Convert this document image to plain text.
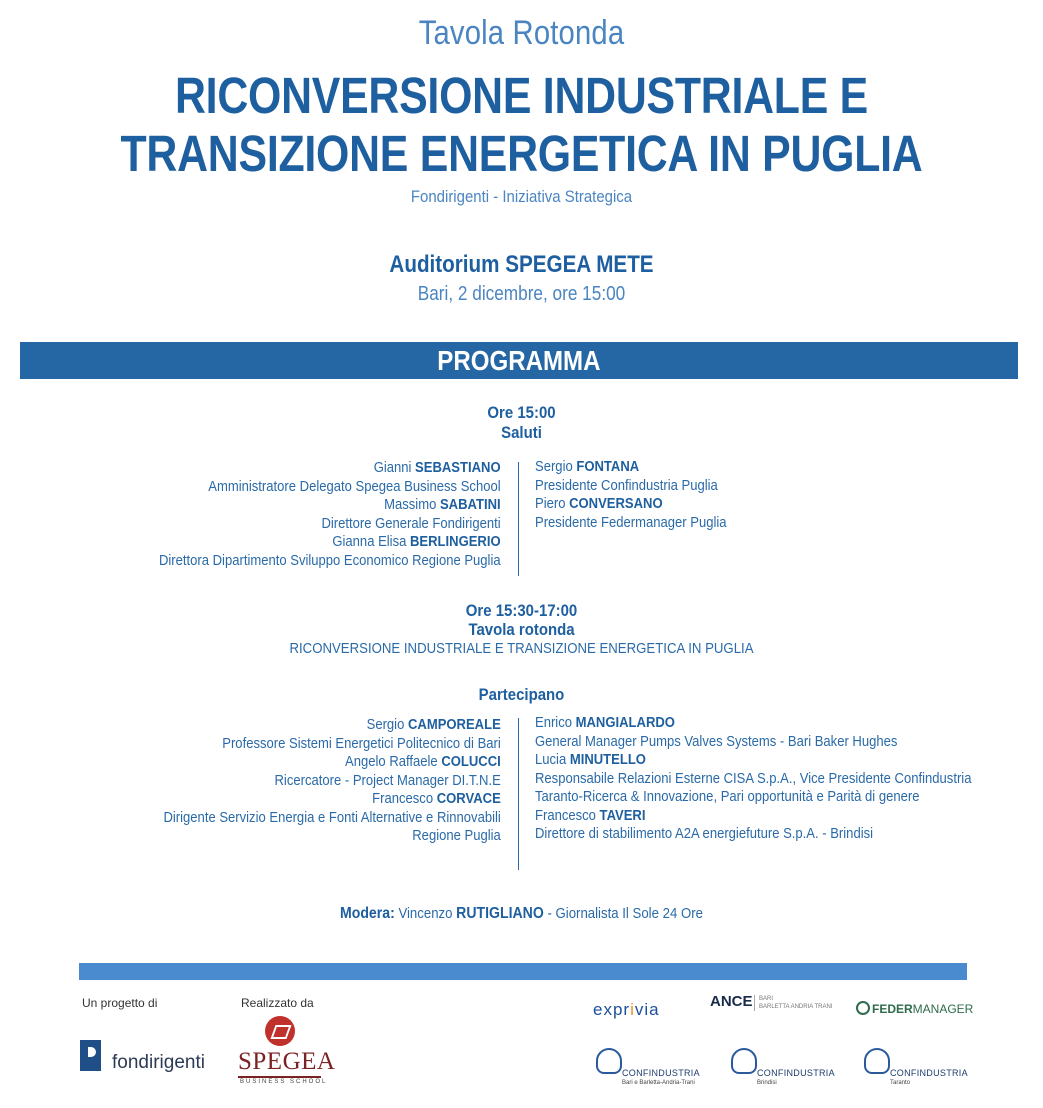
Tavola Rotonda
RICONVERSIONE INDUSTRIALE E
TRANSIZIONE ENERGETICA IN PUGLIA
Fondirigenti - Iniziativa Strategica
Auditorium SPEGEA METE
Bari, 2 dicembre, ore 15:00
PROGRAMMA
Ore 15:00
Saluti
Gianni SEBASTIANO
Amministratore Delegato Spegea Business School
Massimo SABATINI
Direttore Generale Fondirigenti
Gianna Elisa BERLINGERIO
Direttora Dipartimento Sviluppo Economico Regione Puglia
Sergio FONTANA
Presidente Confindustria Puglia
Piero CONVERSANO
Presidente Federmanager Puglia
Ore 15:30-17:00
Tavola rotonda
RICONVERSIONE INDUSTRIALE E TRANSIZIONE ENERGETICA IN PUGLIA
Partecipano
Sergio CAMPOREALE
Professore Sistemi Energetici Politecnico di Bari
Angelo Raffaele COLUCCI
Ricercatore - Project Manager DI.T.N.E
Francesco CORVACE
Dirigente Servizio Energia e Fonti Alternative e Rinnovabili
Regione Puglia
Enrico MANGIALARDO
General Manager Pumps Valves Systems - Bari Baker Hughes
Lucia MINUTELLO
Responsabile Relazioni Esterne CISA S.p.A., Vice Presidente Confindustria
Taranto-Ricerca & Innovazione, Pari opportunità e Parità di genere
Francesco TAVERI
Direttore di stabilimento A2A energiefuture S.p.A. - Brindisi
Modera: Vincenzo RUTIGLIANO - Giornalista Il Sole 24 Ore
Un progetto di	Realizzato da
fondirigenti SPEGEA
BUSINESS SCHOOL
exprivia	ANCE BARI
BARLETTA ANDRIA TRANI	FEDERMANAGER
CONFINDUSTRIA
Bari e Barletta-Andria-Trani
CONFINDUSTRIA
Brindisi
CONFINDUSTRIA
Taranto
